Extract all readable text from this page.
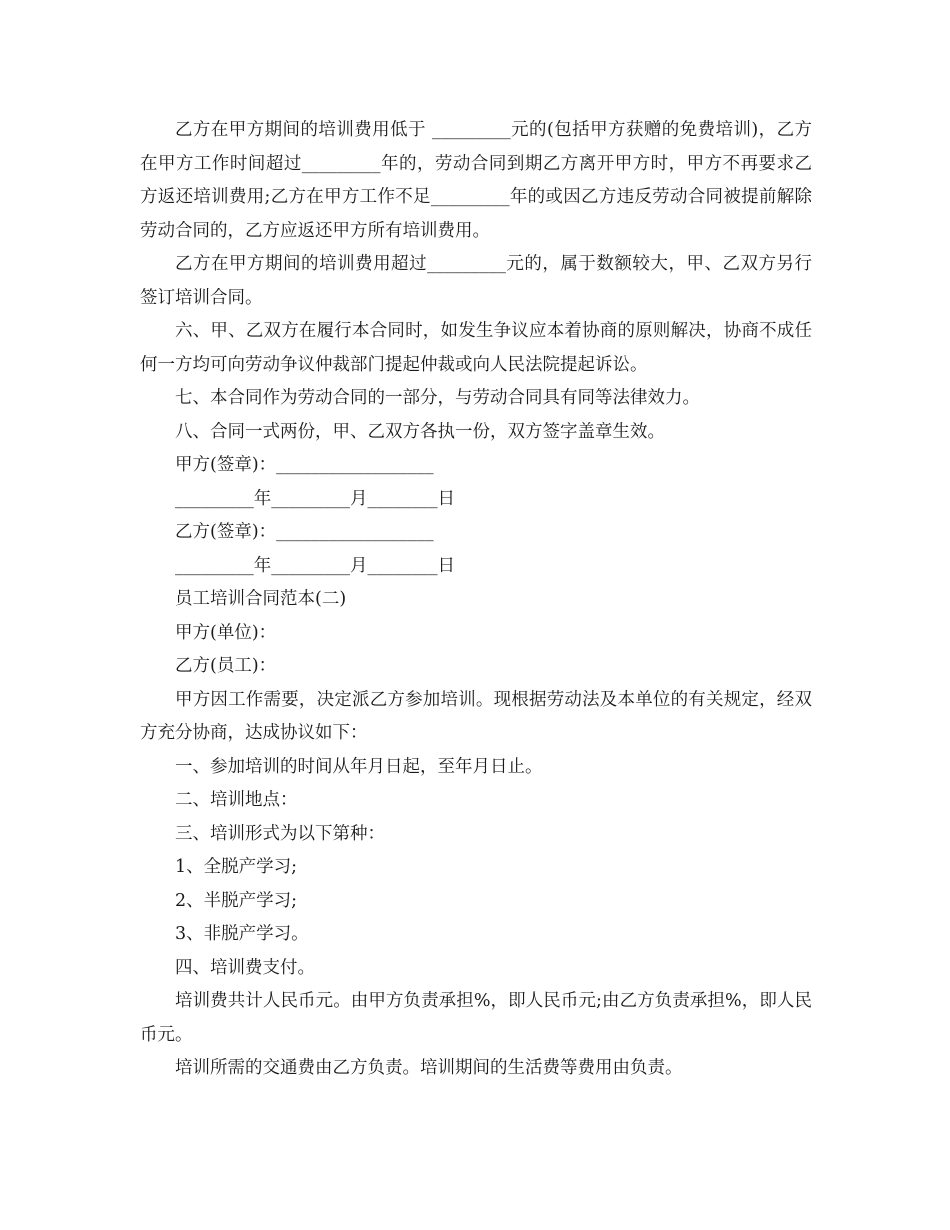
乙方在甲方期间的培训费用低于 _________元的(包括甲方获赠的免费培训)，乙方在甲方工作时间超过_________年的，劳动合同到期乙方离开甲方时，甲方不再要求乙方返还培训费用;乙方在甲方工作不足_________年的或因乙方违反劳动合同被提前解除劳动合同的，乙方应返还甲方所有培训费用。

乙方在甲方期间的培训费用超过_________元的，属于数额较大，甲、乙双方另行签订培训合同。

六、甲、乙双方在履行本合同时，如发生争议应本着协商的原则解决，协商不成任何一方均可向劳动争议仲裁部门提起仲裁或向人民法院提起诉讼。

七、本合同作为劳动合同的一部分，与劳动合同具有同等法律效力。

八、合同一式两份，甲、乙双方各执一份，双方签字盖章生效。

甲方(签章)：__________________

_________年_________月________日

乙方(签章)：__________________

_________年_________月________日

员工培训合同范本(二)

甲方(单位)：

乙方(员工)：

甲方因工作需要，决定派乙方参加培训。现根据劳动法及本单位的有关规定，经双方充分协商，达成协议如下：

一、参加培训的时间从年月日起，至年月日止。

二、培训地点：

三、培训形式为以下第种：

1、全脱产学习;

2、半脱产学习;

3、非脱产学习。

四、培训费支付。

培训费共计人民币元。由甲方负责承担%，即人民币元;由乙方负责承担%，即人民币元。

培训所需的交通费由乙方负责。培训期间的生活费等费用由负责。
